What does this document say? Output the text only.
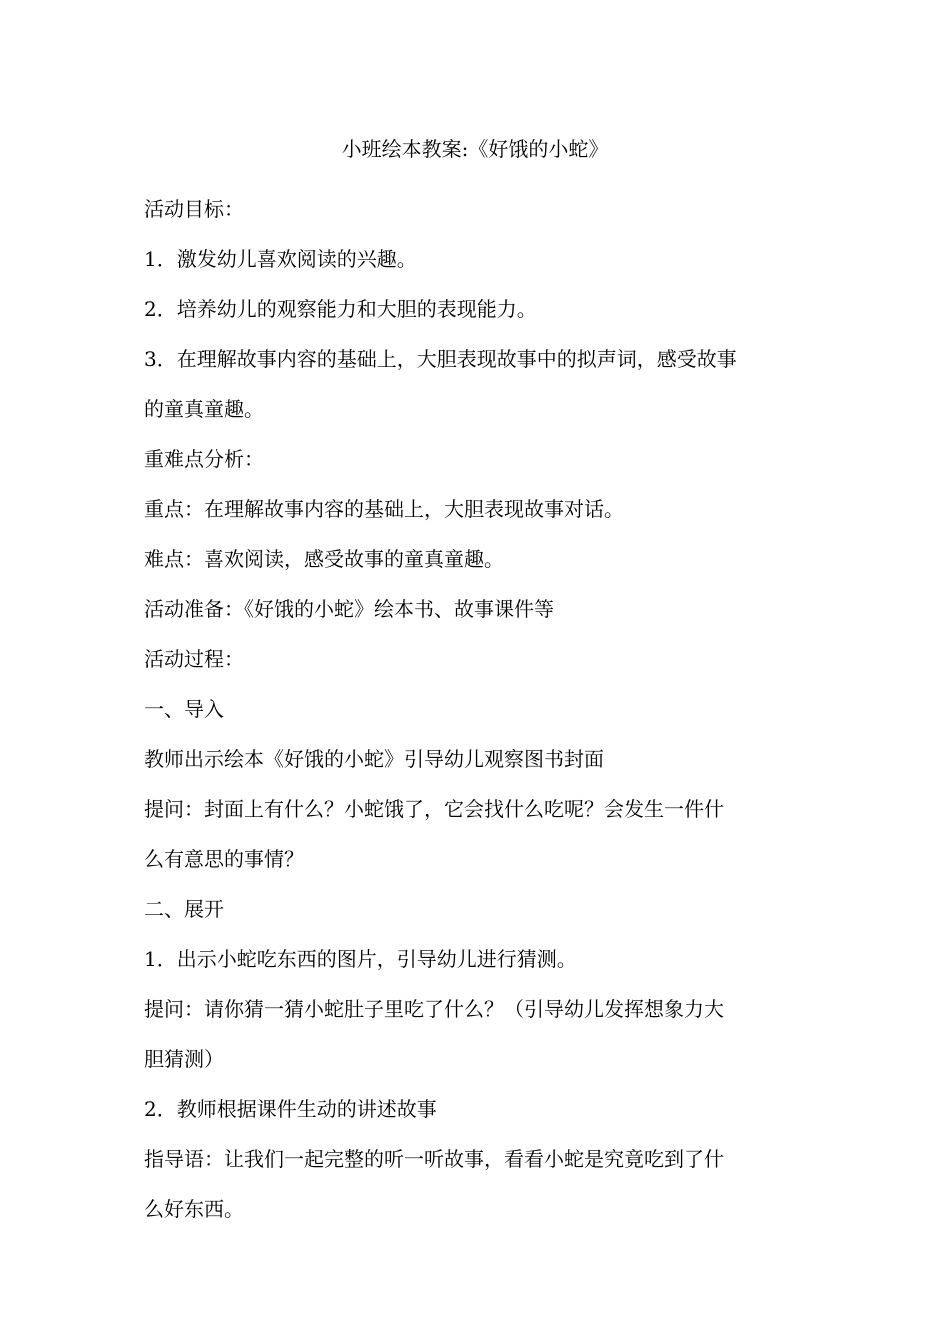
小班绘本教案:《好饿的小蛇》

活动目标：

1．激发幼儿喜欢阅读的兴趣。

2．培养幼儿的观察能力和大胆的表现能力。

3．在理解故事内容的基础上，大胆表现故事中的拟声词，感受故事

的童真童趣。

重难点分析：

重点：在理解故事内容的基础上，大胆表现故事对话。

难点：喜欢阅读，感受故事的童真童趣。

活动准备：《好饿的小蛇》绘本书、故事课件等

活动过程：

一、导入

教师出示绘本《好饿的小蛇》引导幼儿观察图书封面

提问：封面上有什么？小蛇饿了，它会找什么吃呢？会发生一件什

么有意思的事情？

二、展开

1．出示小蛇吃东西的图片，引导幼儿进行猜测。

提问：请你猜一猜小蛇肚子里吃了什么？（引导幼儿发挥想象力大

胆猜测）

2．教师根据课件生动的讲述故事

指导语：让我们一起完整的听一听故事，看看小蛇是究竟吃到了什

么好东西。
